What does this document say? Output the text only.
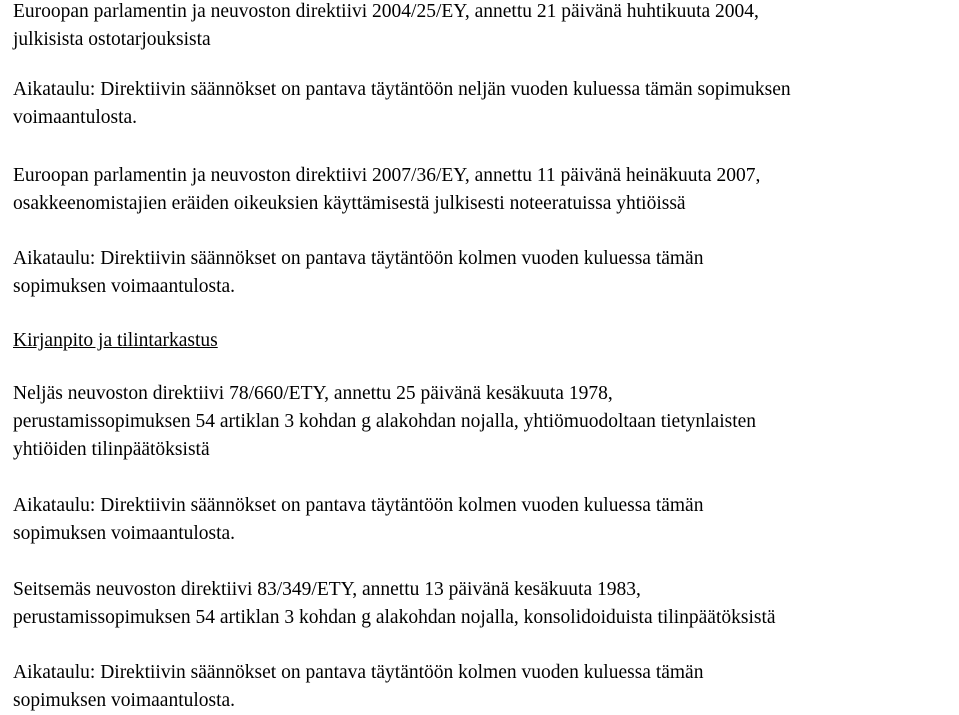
Euroopan parlamentin ja neuvoston direktiivi 2004/25/EY, annettu 21 päivänä huhtikuuta 2004,
julkisista ostotarjouksista
Aikataulu: Direktiivin säännökset on pantava täytäntöön neljän vuoden kuluessa tämän sopimuksen
voimaantulosta.
Euroopan parlamentin ja neuvoston direktiivi 2007/36/EY, annettu 11 päivänä heinäkuuta 2007,
osakkeenomistajien eräiden oikeuksien käyttämisestä julkisesti noteeratuissa yhtiöissä
Aikataulu: Direktiivin säännökset on pantava täytäntöön kolmen vuoden kuluessa tämän
sopimuksen voimaantulosta.
Kirjanpito ja tilintarkastus
Neljäs neuvoston direktiivi 78/660/ETY, annettu 25 päivänä kesäkuuta 1978,
perustamissopimuksen 54 artiklan 3 kohdan g alakohdan nojalla, yhtiömuodoltaan tietynlaisten
yhtiöiden tilinpäätöksistä
Aikataulu: Direktiivin säännökset on pantava täytäntöön kolmen vuoden kuluessa tämän
sopimuksen voimaantulosta.
Seitsemäs neuvoston direktiivi 83/349/ETY, annettu 13 päivänä kesäkuuta 1983,
perustamissopimuksen 54 artiklan 3 kohdan g alakohdan nojalla, konsolidoiduista tilinpäätöksistä
Aikataulu: Direktiivin säännökset on pantava täytäntöön kolmen vuoden kuluessa tämän
sopimuksen voimaantulosta.
